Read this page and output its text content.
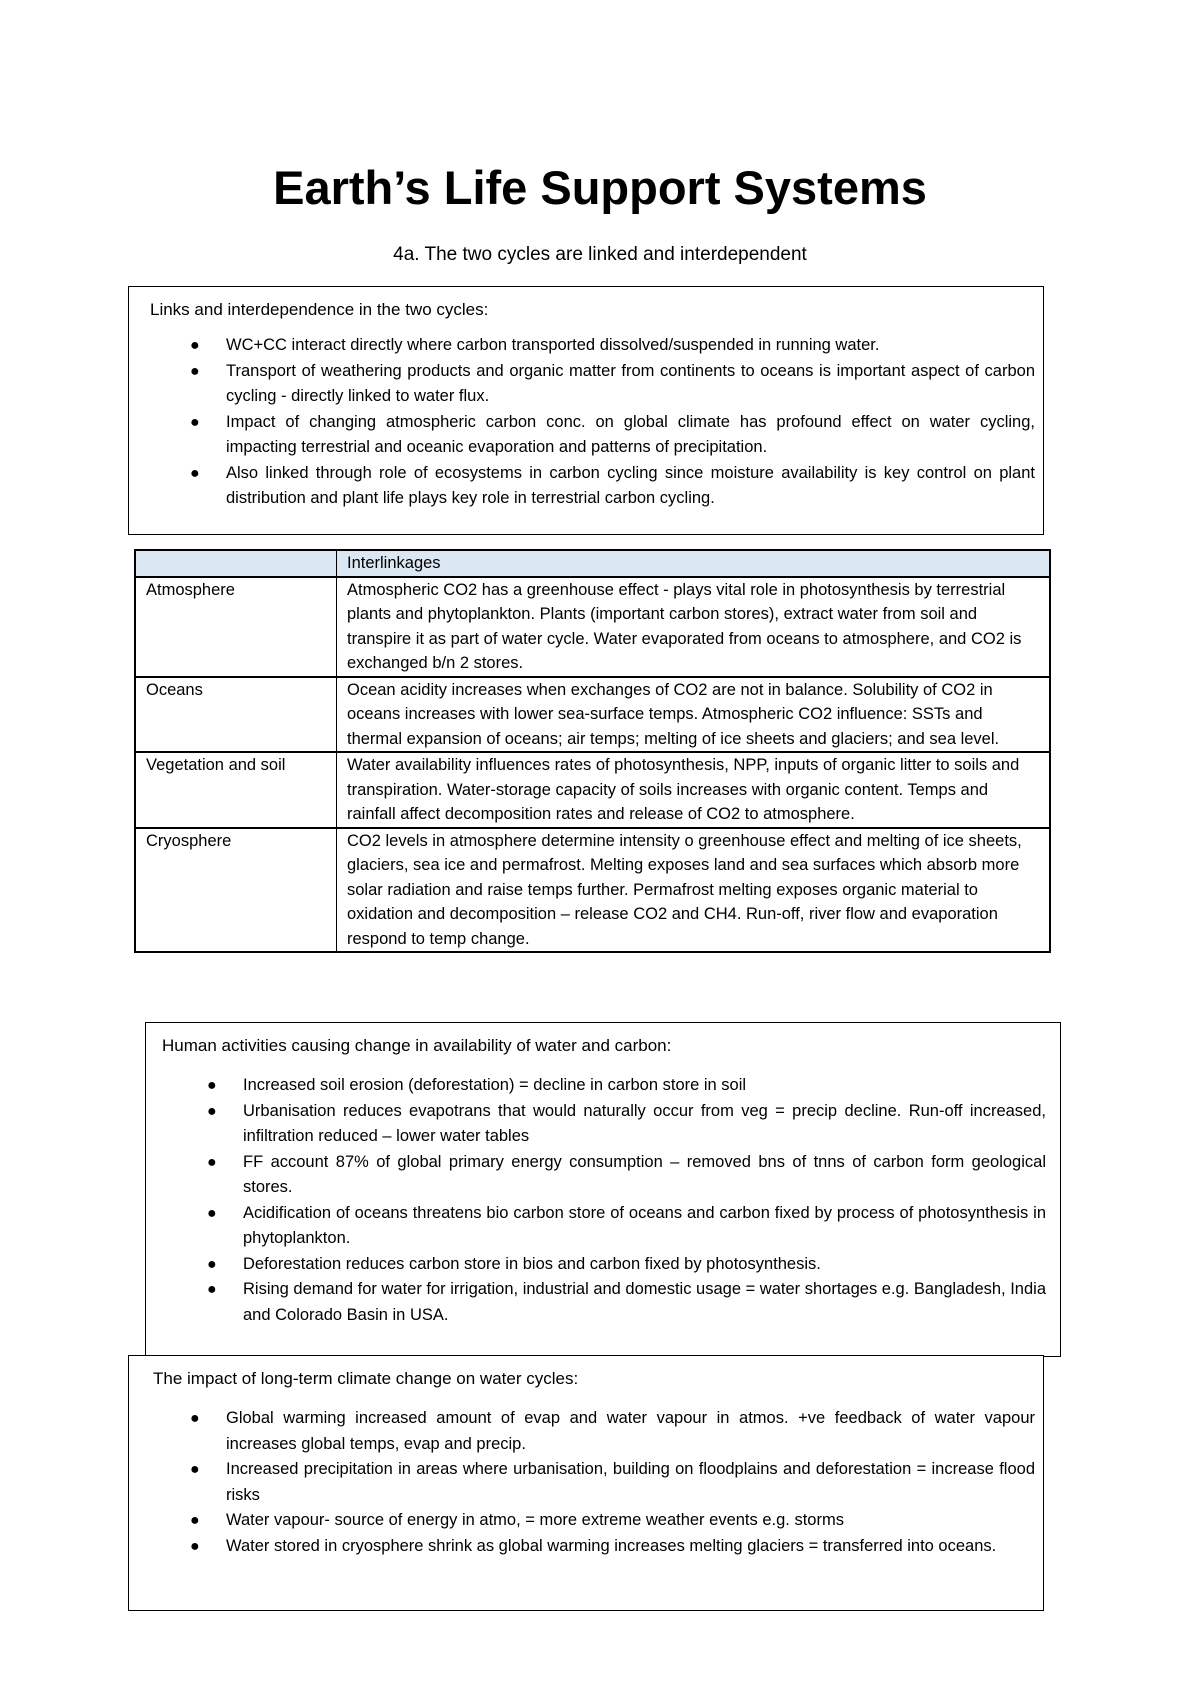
Earth’s Life Support Systems
4a. The two cycles are linked and interdependent
Links and interdependence in the two cycles:
● WC+CC interact directly where carbon transported dissolved/suspended in running water.
● Transport of weathering products and organic matter from continents to oceans is important aspect of carbon cycling - directly linked to water flux.
● Impact of changing atmospheric carbon conc. on global climate has profound effect on water cycling, impacting terrestrial and oceanic evaporation and patterns of precipitation.
● Also linked through role of ecosystems in carbon cycling since moisture availability is key control on plant distribution and plant life plays key role in terrestrial carbon cycling.
	Interlinkages
Atmosphere	Atmospheric CO2 has a greenhouse effect - plays vital role in photosynthesis by terrestrial plants and phytoplankton. Plants (important carbon stores), extract water from soil and transpire it as part of water cycle. Water evaporated from oceans to atmosphere, and CO2 is exchanged b/n 2 stores.
Oceans	Ocean acidity increases when exchanges of CO2 are not in balance. Solubility of CO2 in oceans increases with lower sea-surface temps. Atmospheric CO2 influence: SSTs and thermal expansion of oceans; air temps; melting of ice sheets and glaciers; and sea level.
Vegetation and soil	Water availability influences rates of photosynthesis, NPP, inputs of organic litter to soils and transpiration. Water-storage capacity of soils increases with organic content. Temps and rainfall affect decomposition rates and release of CO2 to atmosphere.
Cryosphere	CO2 levels in atmosphere determine intensity o greenhouse effect and melting of ice sheets, glaciers, sea ice and permafrost. Melting exposes land and sea surfaces which absorb more solar radiation and raise temps further. Permafrost melting exposes organic material to oxidation and decomposition – release CO2 and CH4. Run-off, river flow and evaporation respond to temp change.
Human activities causing change in availability of water and carbon:
● Increased soil erosion (deforestation) = decline in carbon store in soil
● Urbanisation reduces evapotrans that would naturally occur from veg = precip decline. Run-off increased, infiltration reduced – lower water tables
● FF account 87% of global primary energy consumption – removed bns of tnns of carbon form geological stores.
● Acidification of oceans threatens bio carbon store of oceans and carbon fixed by process of photosynthesis in phytoplankton.
● Deforestation reduces carbon store in bios and carbon fixed by photosynthesis.
● Rising demand for water for irrigation, industrial and domestic usage = water shortages e.g. Bangladesh, India and Colorado Basin in USA.
The impact of long-term climate change on water cycles:
● Global warming increased amount of evap and water vapour in atmos. +ve feedback of water vapour increases global temps, evap and precip.
● Increased precipitation in areas where urbanisation, building on floodplains and deforestation = increase flood risks
● Water vapour- source of energy in atmo, = more extreme weather events e.g. storms
● Water stored in cryosphere shrink as global warming increases melting glaciers = transferred into oceans.
